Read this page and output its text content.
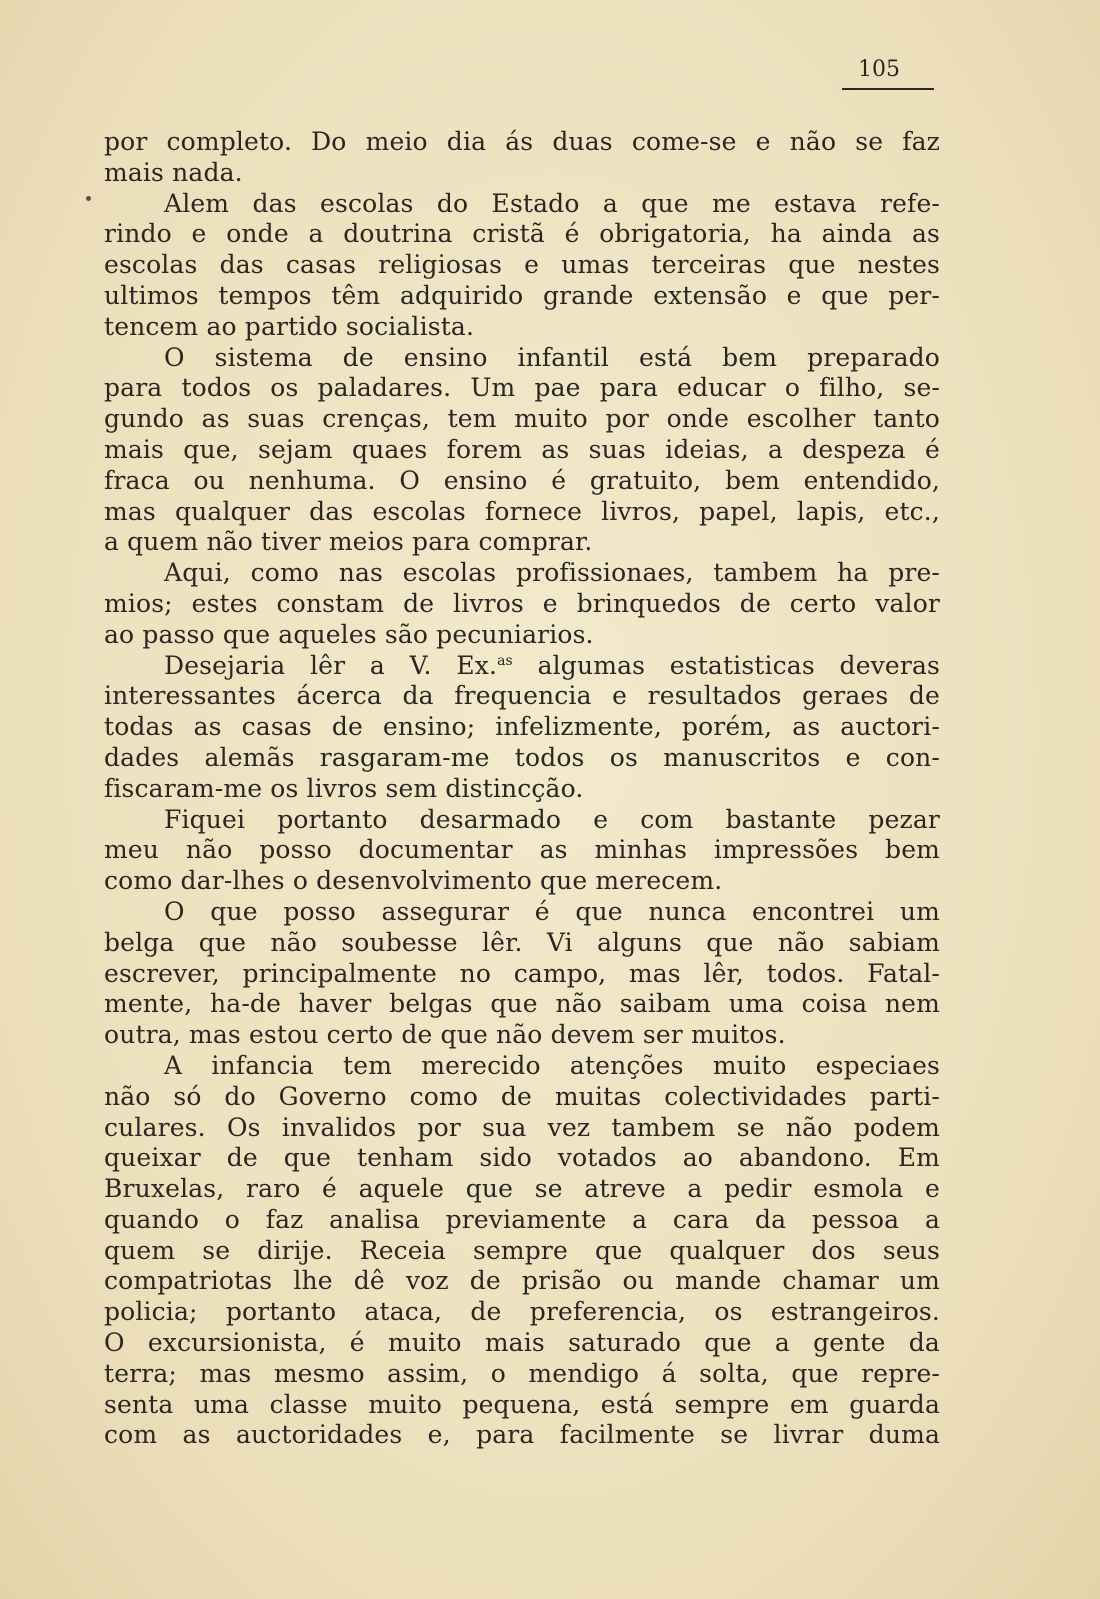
105
por completo. Do meio dia ás duas come-se e não se faz
mais nada.
Alem das escolas do Estado a que me estava refe-
rindo e onde a doutrina cristã é obrigatoria, ha ainda as
escolas das casas religiosas e umas terceiras que nestes
ultimos tempos têm adquirido grande extensão e que per-
tencem ao partido socialista.
O sistema de ensino infantil está bem preparado
para todos os paladares. Um pae para educar o filho, se-
gundo as suas crenças, tem muito por onde escolher tanto
mais que, sejam quaes forem as suas ideias, a despeza é
fraca ou nenhuma. O ensino é gratuito, bem entendido,
mas qualquer das escolas fornece livros, papel, lapis, etc.,
a quem não tiver meios para comprar.
Aqui, como nas escolas profissionaes, tambem ha pre-
mios; estes constam de livros e brinquedos de certo valor
ao passo que aqueles são pecuniarios.
Desejaria lêr a V. Ex.$^{as}$ algumas estatisticas deveras
interessantes ácerca da frequencia e resultados geraes de
todas as casas de ensino; infelizmente, porém, as auctori-
dades alemãs rasgaram-me todos os manuscritos e con-
fiscaram-me os livros sem distincção.
Fiquei portanto desarmado e com bastante pezar
meu não posso documentar as minhas impressões bem
como dar-lhes o desenvolvimento que merecem.
O que posso assegurar é que nunca encontrei um
belga que não soubesse lêr. Vi alguns que não sabiam
escrever, principalmente no campo, mas lêr, todos. Fatal-
mente, ha-de haver belgas que não saibam uma coisa nem
outra, mas estou certo de que não devem ser muitos.
A infancia tem merecido atenções muito especiaes
não só do Governo como de muitas colectividades parti-
culares. Os invalidos por sua vez tambem se não podem
queixar de que tenham sido votados ao abandono. Em
Bruxelas, raro é aquele que se atreve a pedir esmola e
quando o faz analisa previamente a cara da pessoa a
quem se dirije. Receia sempre que qualquer dos seus
compatriotas lhe dê voz de prisão ou mande chamar um
policia; portanto ataca, de preferencia, os estrangeiros.
O excursionista, é muito mais saturado que a gente da
terra; mas mesmo assim, o mendigo á solta, que repre-
senta uma classe muito pequena, está sempre em guarda
com as auctoridades e, para facilmente se livrar duma
